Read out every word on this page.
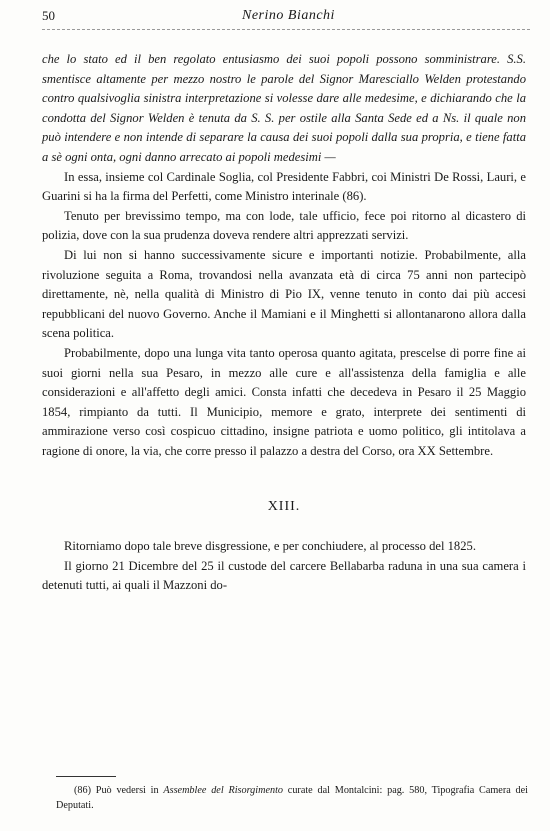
50	Nerino Bianchi

che lo stato ed il ben regolato entusiasmo dei suoi popoli possono somministrare. S.S. smentisce altamente per mezzo nostro le parole del Signor Maresciallo Welden protestando contro qualsivoglia sinistra interpretazione si volesse dare alle medesime, e dichiarando che la condotta del Signor Welden è tenuta da S. S. per ostile alla Santa Sede ed a Ns. il quale non può intendere e non intende di separare la causa dei suoi popoli dalla sua propria, e tiene fatta a sè ogni onta, ogni danno arrecato ai popoli medesimi —

In essa, insieme col Cardinale Soglia, col Presidente Fabbri, coi Ministri De Rossi, Lauri, e Guarini si ha la firma del Perfetti, come Ministro interinale (86).

Tenuto per brevissimo tempo, ma con lode, tale ufficio, fece poi ritorno al dicastero di polizia, dove con la sua prudenza doveva rendere altri apprezzati servizi.

Di lui non si hanno successivamente sicure e importanti notizie. Probabilmente, alla rivoluzione seguita a Roma, trovandosi nella avanzata età di circa 75 anni non partecipò direttamente, nè, nella qualità di Ministro di Pio IX, venne tenuto in conto dai più accesi repubblicani del nuovo Governo. Anche il Mamiani e il Minghetti si allontanarono allora dalla scena politica.

Probabilmente, dopo una lunga vita tanto operosa quanto agitata, prescelse di porre fine ai suoi giorni nella sua Pesaro, in mezzo alle cure e all'assistenza della famiglia e alle considerazioni e all'affetto degli amici. Consta infatti che decedeva in Pesaro il 25 Maggio 1854, rimpianto da tutti. Il Municipio, memore e grato, interprete dei sentimenti di ammirazione verso così cospicuo cittadino, insigne patriota e uomo politico, gli intitolava a ragione di onore, la via, che corre presso il palazzo a destra del Corso, ora XX Settembre.

XIII.

Ritorniamo dopo tale breve disgressione, e per conchiudere, al processo del 1825.

Il giorno 21 Dicembre del 25 il custode del carcere Bellabarba raduna in una sua camera i detenuti tutti, ai quali il Mazzoni do-

(86) Può vedersi in Assemblee del Risorgimento curate dal Montalcini: pag. 580, Tipografia Camera dei Deputati.
